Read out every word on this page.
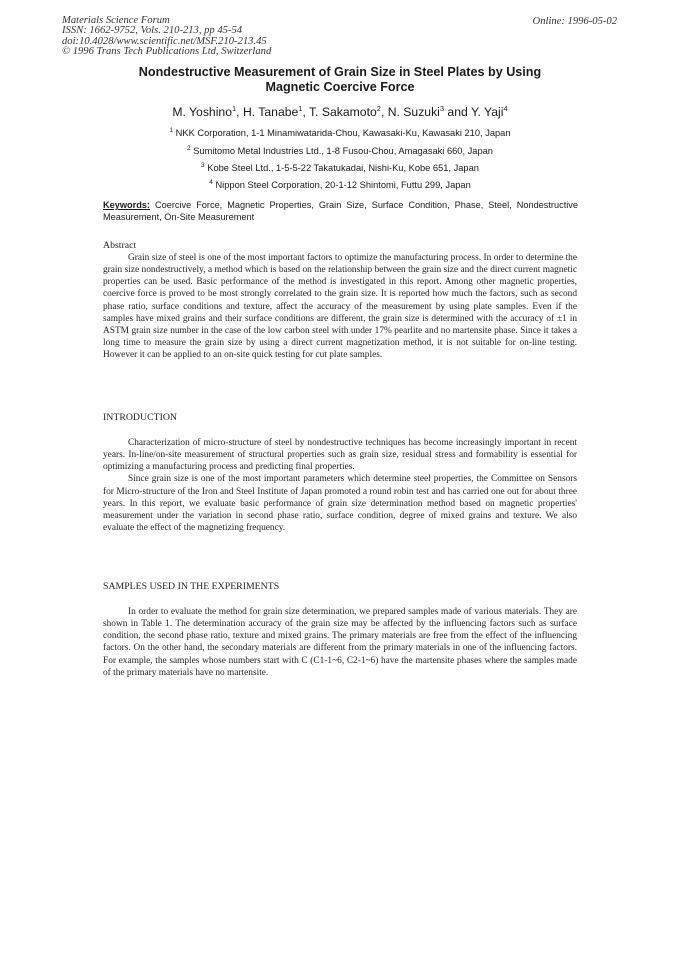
Materials Science Forum
ISSN: 1662-9752, Vols. 210-213, pp 45-54
doi:10.4028/www.scientific.net/MSF.210-213.45
© 1996 Trans Tech Publications Ltd, Switzerland
Online: 1996-05-02
Nondestructive Measurement of Grain Size in Steel Plates by Using
Magnetic Coercive Force
M. Yoshino$^1$, H. Tanabe$^1$, T. Sakamoto$^2$, N. Suzuki$^3$ and Y. Yaji$^4$
$^1$ NKK Corporation, 1-1 Minamiwatarida-Chou, Kawasaki-Ku, Kawasaki 210, Japan
$^2$ Sumitomo Metal Industries Ltd., 1-8 Fusou-Chou, Amagasaki 660, Japan
$^3$ Kobe Steel Ltd., 1-5-5-22 Takatukadai, Nishi-Ku, Kobe 651, Japan
$^4$ Nippon Steel Corporation, 20-1-12 Shintomi, Futtu 299, Japan
Keywords: Coercive Force, Magnetic Properties, Grain Size, Surface Condition, Phase, Steel, Nondestructive Measurement, On-Site Measurement
Abstract
Grain size of steel is one of the most important factors to optimize the manufacturing process. In order to determine the grain size nondestructively, a method which is based on the relationship between the grain size and the direct current magnetic properties can be used. Basic performance of the method is investigated in this report. Among other magnetic properties, coercive force is proved to be most strongly correlated to the grain size. It is reported how much the factors, such as second phase ratio, surface conditions and texture, affect the accuracy of the measurement by using plate samples. Even if the samples have mixed grains and their surface conditions are different, the grain size is determined with the accuracy of ±1 in ASTM grain size number in the case of the low carbon steel with under 17% pearlite and no martensite phase. Since it takes a long time to measure the grain size by using a direct current magnetization method, it is not suitable for on-line testing. However it can be applied to an on-site quick testing for cut plate samples.
INTRODUCTION
Characterization of micro-structure of steel by nondestructive techniques has become increasingly important in recent years. In-line/on-site measurement of structural properties such as grain size, residual stress and formability is essential for optimizing a manufacturing process and predicting final properties.
Since grain size is one of the most important parameters which determine steel properties, the Committee on Sensors for Micro-structure of the Iron and Steel Institute of Japan promoted a round robin test and has carried one out for about three years. In this report, we evaluate basic performance of grain size determination method based on magnetic properties' measurement under the variation in second phase ratio, surface condition, degree of mixed grains and texture. We also evaluate the effect of the magnetizing frequency.
SAMPLES USED IN THE EXPERIMENTS
In order to evaluate the method for grain size determination, we prepared samples made of various materials. They are shown in Table 1. The determination accuracy of the grain size may be affected by the influencing factors such as surface condition, the second phase ratio, texture and mixed grains. The primary materials are free from the effect of the influencing factors. On the other hand, the secondary materials are different from the primary materials in one of the influencing factors. For example, the samples whose numbers start with C (C1-1~6, C2-1~6) have the martensite phases where the samples made of the primary materials have no martensite.
